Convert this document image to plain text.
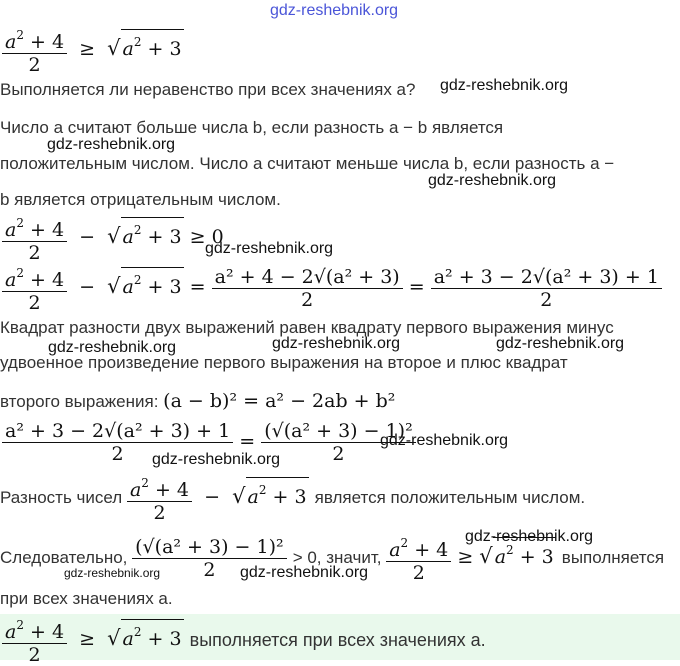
gdz-reshebnik.org
$\frac{a^2 + 4}{2}$ ≥  √ $a^2 + 3$
Выполняется ли неравенство при всех значениях a? gdz-reshebnik.org
Число a считают больше числа b, если разность a − b является
gdz-reshebnik.org
положительным числом. Число a считают меньше числа b, если разность a −
gdz-reshebnik.org
b является отрицательным числом.
$\frac{a^2 + 4}{2}$ −  √ $a^2 + 3 \ge 0$
gdz-reshebnik.org
$\frac{a^2 + 4}{2}$ −  √ $a^2 + 3 = \frac{\text{a² + 4 − 2√(a² + 3)}}{2} = \frac{\text{a² + 3 − 2√(a² + 3) + 1}}{2}$
Квадрат разности двух выражений равен квадрату первого выражения минус
gdz-reshebnik.org	gdz-reshebnik.org	gdz-reshebnik.org
удвоенное произведение первого выражения на второе и плюс квадрат
второго выражения: (a − b)² = a² − 2ab + b²
$\frac{\text{a² + 3 − 2√(a² + 3) + 1}}{2} = \frac{\text{(√(a² + 3) − 1)²}}{2}$
gdz-reshebnik.org
gdz-reshebnik.org
Разность чисел $\frac{a^2 + 4}{2}$ −  √ $a^2 + 3$ является положительным числом.
gdz-reshebnik.org
Следовательно, $\frac{\text{(√(a² + 3) − 1)²}}{2} > 0$, значит, $\frac{a^2 + 4}{2}$ ≥ √ $a^2 + 3$ выполняется
gdz-reshebnik.org	gdz-reshebnik.org
при всех значениях a.
$\frac{a^2 + 4}{2}$ ≥  √ $a^2 + 3$ выполняется при всех значениях a.
